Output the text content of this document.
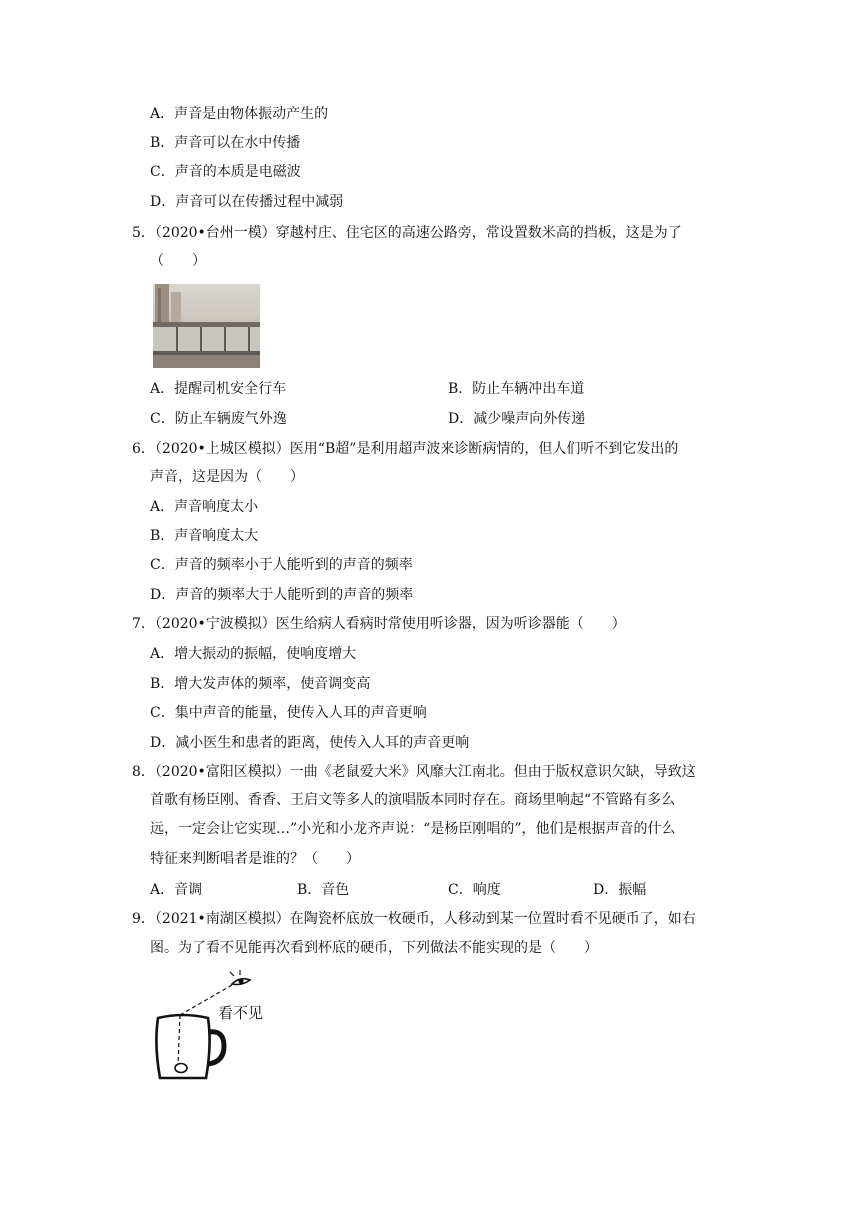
A．声音是由物体振动产生的
B．声音可以在水中传播
C．声音的本质是电磁波
D．声音可以在传播过程中减弱
5．（2020•台州一模）穿越村庄、住宅区的高速公路旁，常设置数米高的挡板，这是为了
（　　）
A．提醒司机安全行车	B．防止车辆冲出车道
C．防止车辆废气外逸	D．减少噪声向外传递
6．（2020•上城区模拟）医用“B超”是利用超声波来诊断病情的，但人们听不到它发出的
声音，这是因为（　　）
A．声音响度太小
B．声音响度太大
C．声音的频率小于人能听到的声音的频率
D．声音的频率大于人能听到的声音的频率
7．（2020•宁波模拟）医生给病人看病时常使用听诊器，因为听诊器能（　　）
A．增大振动的振幅，使响度增大
B．增大发声体的频率，使音调变高
C．集中声音的能量，使传入人耳的声音更响
D．减小医生和患者的距离，使传入人耳的声音更响
8．（2020•富阳区模拟）一曲《老鼠爱大米》风靡大江南北。但由于版权意识欠缺，导致这
首歌有杨臣刚、香香、王启文等多人的演唱版本同时存在。商场里响起“不管路有多么
远，一定会让它实现…”小光和小龙齐声说：“是杨臣刚唱的”，他们是根据声音的什么
特征来判断唱者是谁的？（　　）
A．音调	B．音色	C．响度	D．振幅
9．（2021•南湖区模拟）在陶瓷杯底放一枚硬币，人移动到某一位置时看不见硬币了，如右
图。为了看不见能再次看到杯底的硬币，下列做法不能实现的是（　　）
看不见
